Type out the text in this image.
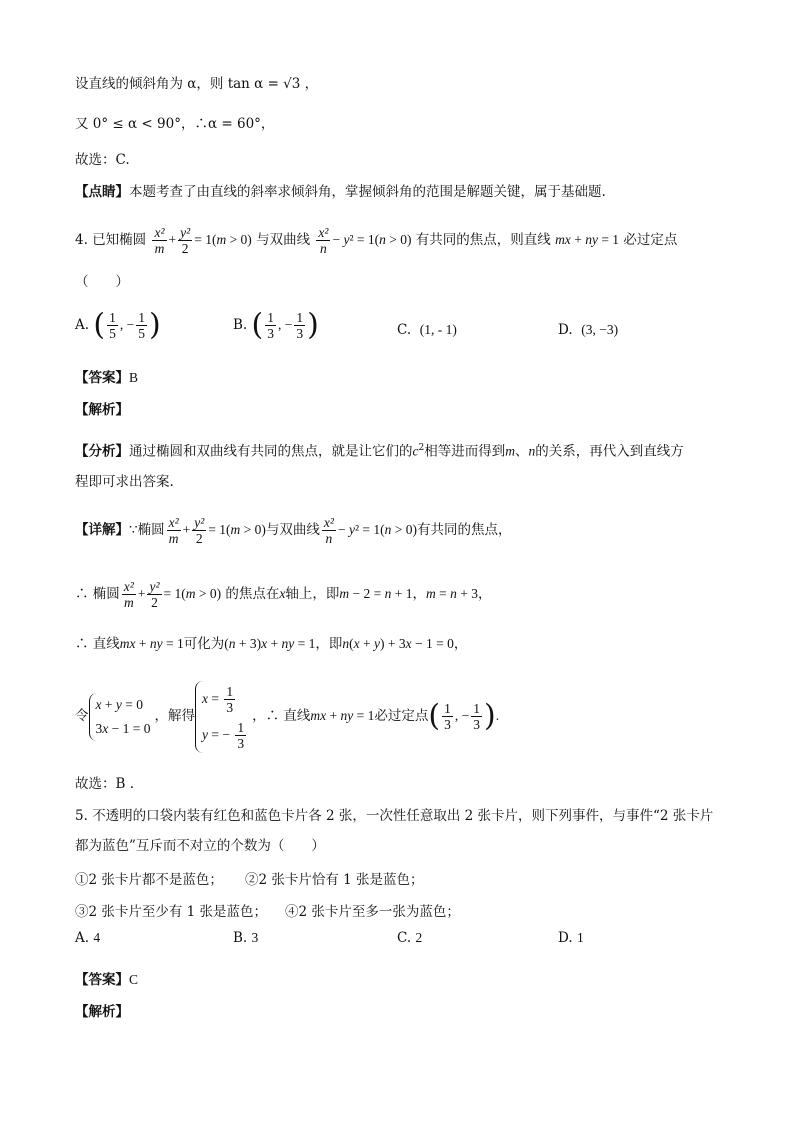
设直线的倾斜角为 α，则 tan α = √3 ，
又 0° ≤ α < 90°，∴α = 60°，
故选：C.
【点睛】本题考查了由直线的斜率求倾斜角，掌握倾斜角的范围是解题关键，属于基础题.
4. 已知椭圆 $\frac{\text{x²}}{m} + \frac{\text{y²}}{2} = 1(m > 0)$ 与双曲线 $\frac{\text{x²}}{n} - y^2 = 1(n > 0)$ 有共同的焦点，则直线 mx + ny = 1 必过定点
（　　）
A. ( $\frac{1}{5}$ , − $\frac{1}{5}$ )	B. ( $\frac{1}{3}$ , − $\frac{1}{3}$ )	C. (1, - 1)	D. (3, −3)
【答案】B
【解析】
【分析】通过椭圆和双曲线有共同的焦点，就是让它们的$c^2$相等进而得到m、n的关系，再代入到直线方
程即可求出答案.
【详解】∵椭圆 $\frac{\text{x²}}{m} + \frac{\text{y²}}{2} = 1(m > 0)$与双曲线 $\frac{\text{x²}}{n} - y^2 = 1(n > 0)$有共同的焦点，
∴ 椭圆 $\frac{\text{x²}}{m} + \frac{\text{y²}}{2} = 1(m > 0)$ 的焦点在x轴上，即m − 2 = n + 1，m = n + 3，
∴ 直线mx + ny = 1可化为(n + 3)x + ny = 1，即n(x + y) + 3x − 1 = 0，
令
x + y = 0
3x − 1 = 0
，解得
$x = \frac{1}{3}$
y = − $\frac{1}{3}$
，∴ 直线mx + ny = 1必过定点( $\frac{1}{3}$ , − $\frac{1}{3}$ ).
故选：B .
5. 不透明的口袋内装有红色和蓝色卡片各 2 张，一次性任意取出 2 张卡片，则下列事件，与事件“2 张卡片
都为蓝色”互斥而不对立的个数为（　　）
①2 张卡片都不是蓝色； ②2 张卡片恰有 1 张是蓝色；
③2 张卡片至少有 1 张是蓝色； ④2 张卡片至多一张为蓝色；
A. 4	B. 3	C. 2	D. 1
【答案】C
【解析】
